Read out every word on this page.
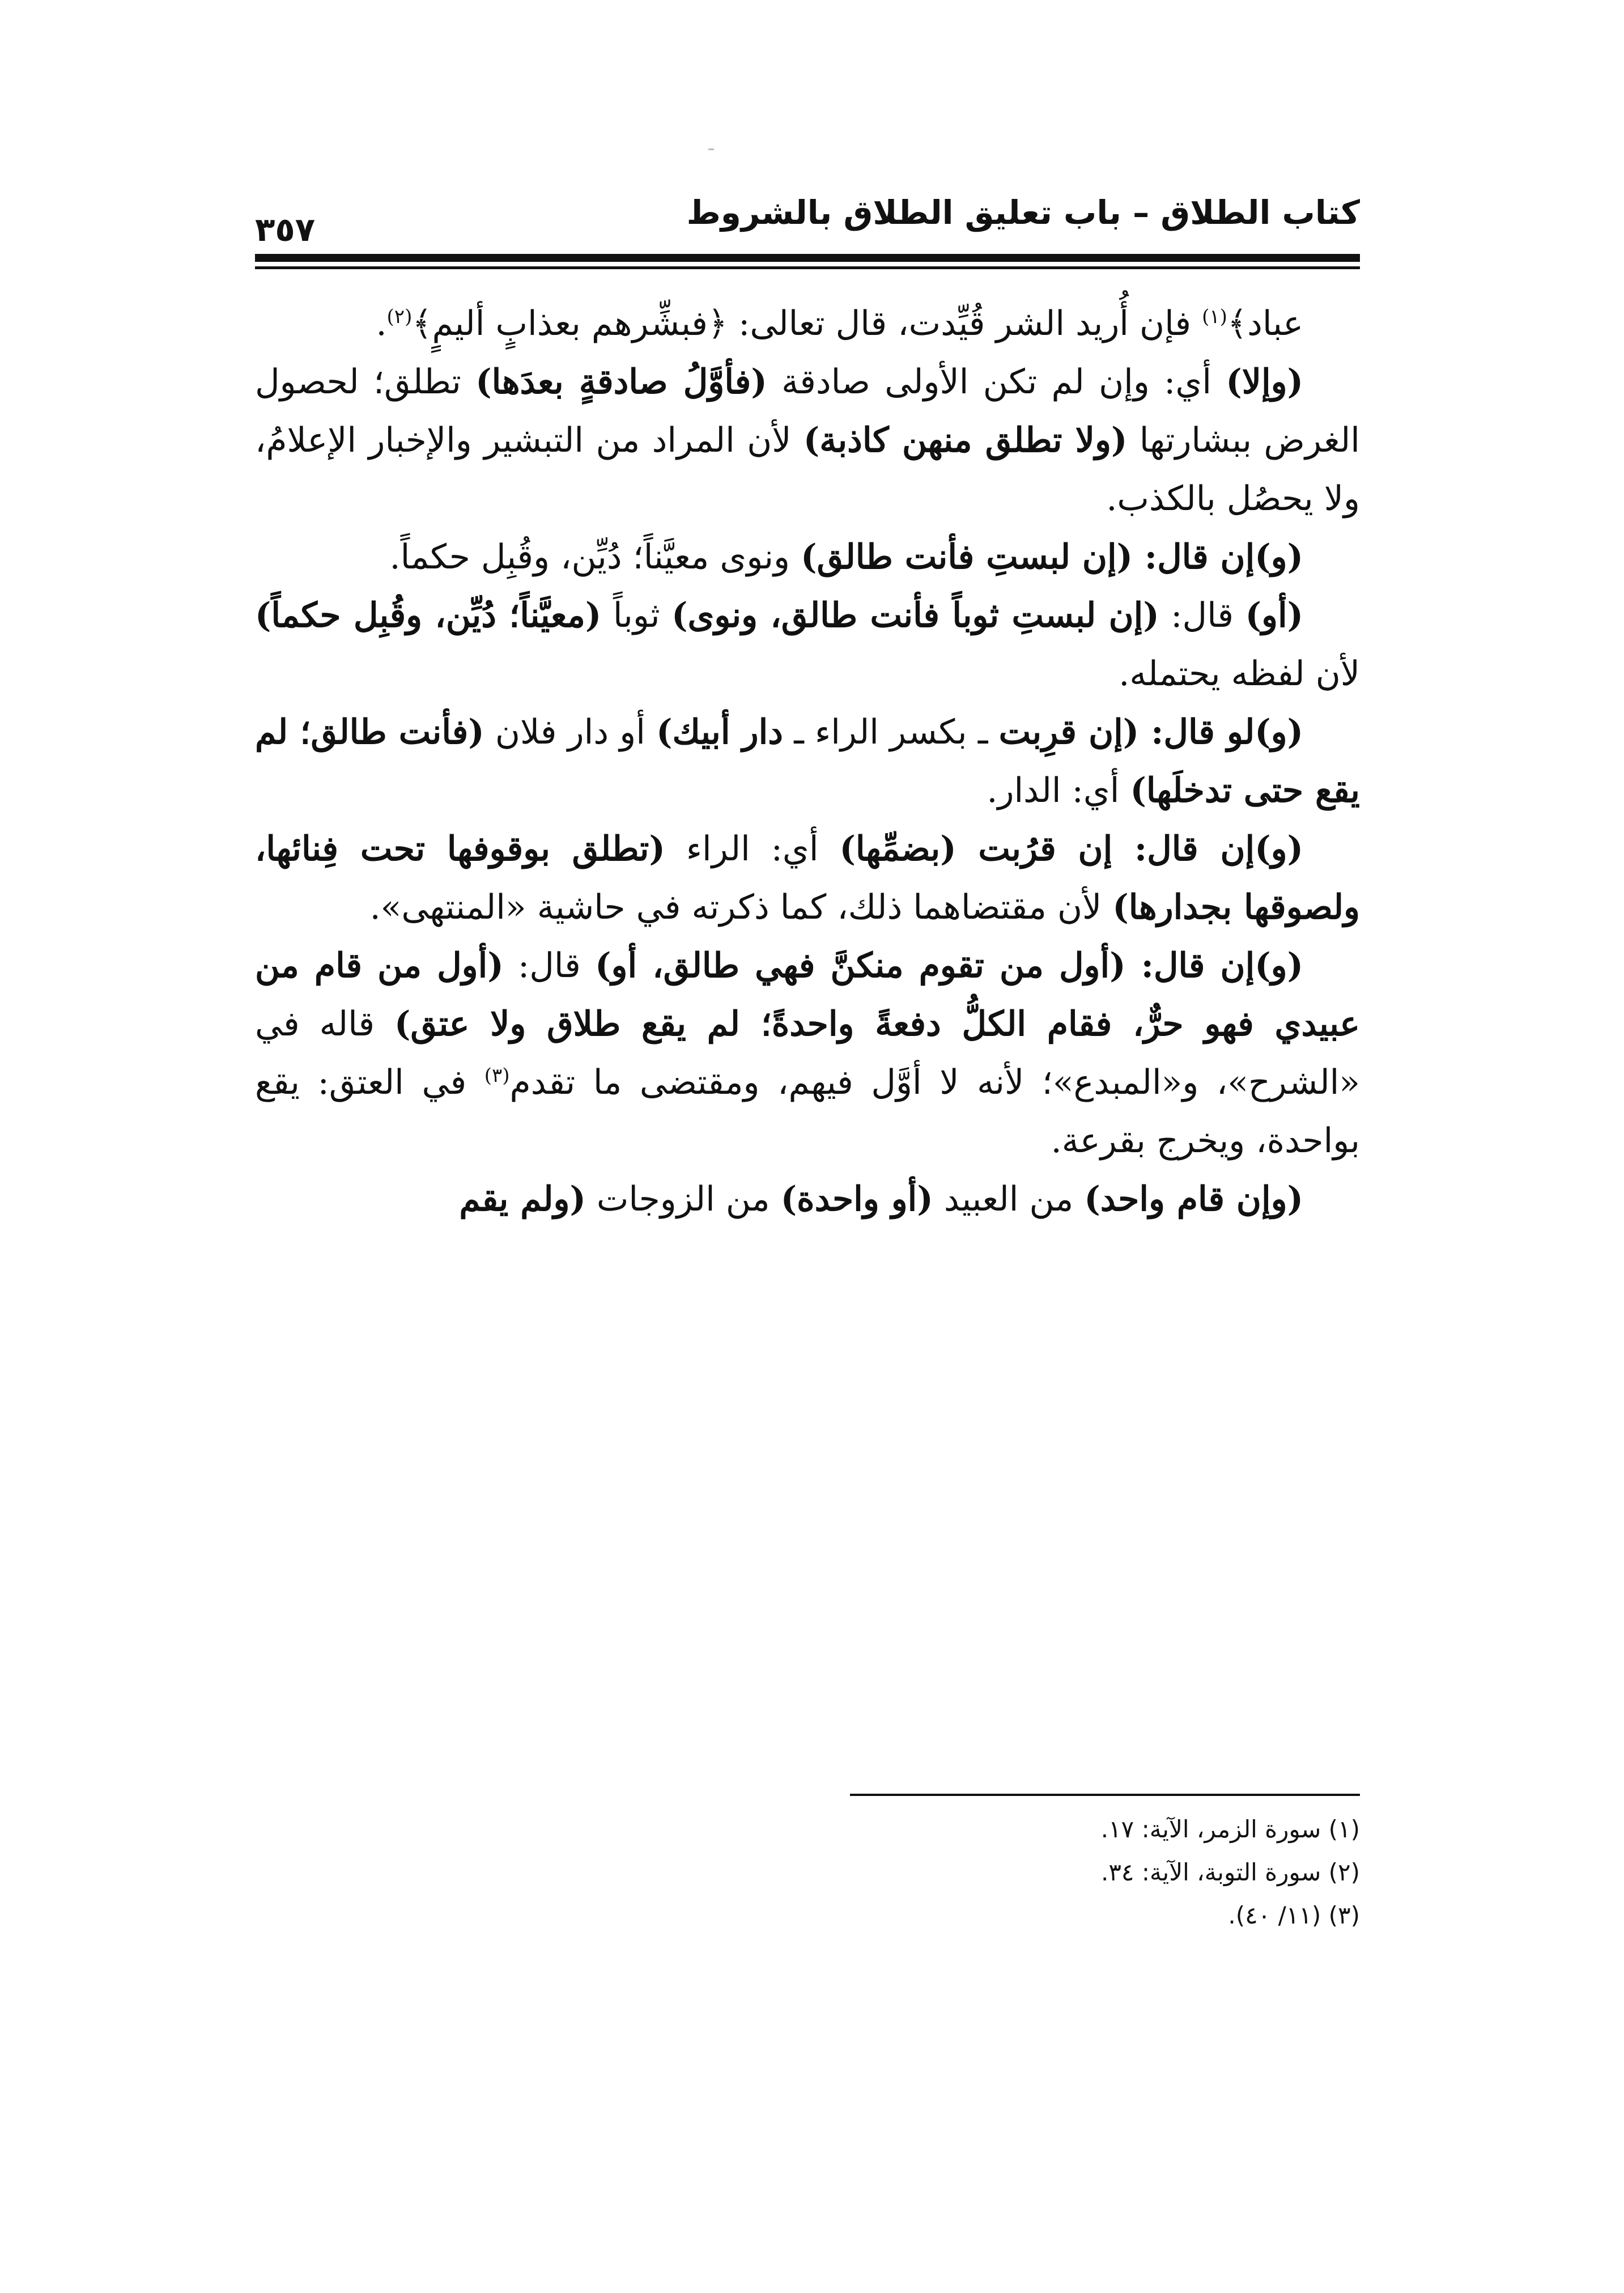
كتاب الطلاق – باب تعليق الطلاق بالشروط
٣٥٧

عباد﴾$^{(١)}$ فإن أُريد الشر قُيِّدت، قال تعالى: ﴿فبشِّرهم بعذابٍ أليمٍ﴾$^{(٢)}$.

(وإلا) أي: وإن لم تكن الأولى صادقة (فأوَّلُ صادقةٍ بعدَها) تطلق؛ لحصول الغرض ببشارتها (ولا تطلق منهن كاذبة) لأن المراد من التبشير والإخبار الإعلامُ، ولا يحصُل بالكذب.

(و)إن قال: (إن لبستِ فأنت طالق) ونوى معيَّناً؛ دُيِّن، وقُبِل حكماً.

(أو) قال: (إن لبستِ ثوباً فأنت طالق، ونوى) ثوباً (معيَّناً؛ دُيِّن، وقُبِل حكماً) لأن لفظه يحتمله.

(و)لو قال: (إن قرِبت ـ بكسر الراء ـ دار أبيك) أو دار فلان (فأنت طالق؛ لم يقع حتى تدخلَها) أي: الدار.

(و)إن قال: إن قرُبت (بضمِّها) أي: الراء (تطلق بوقوفها تحت فِنائها، ولصوقها بجدارها) لأن مقتضاهما ذلك، كما ذكرته في حاشية «المنتهى».

(و)إن قال: (أول من تقوم منكنَّ فهي طالق، أو) قال: (أول من قام من عبيدي فهو حرٌّ، فقام الكلُّ دفعةً واحدةً؛ لم يقع طلاق ولا عتق) قاله في «الشرح»، و«المبدع»؛ لأنه لا أوَّل فيهم، ومقتضى ما تقدم$^{(٣)}$ في العتق: يقع بواحدة، ويخرج بقرعة.

(وإن قام واحد) من العبيد (أو واحدة) من الزوجات (ولم يقم

(١) سورة الزمر، الآية: ١٧.

(٢) سورة التوبة، الآية: ٣٤.

(٣) (١١/ ٤٠).
